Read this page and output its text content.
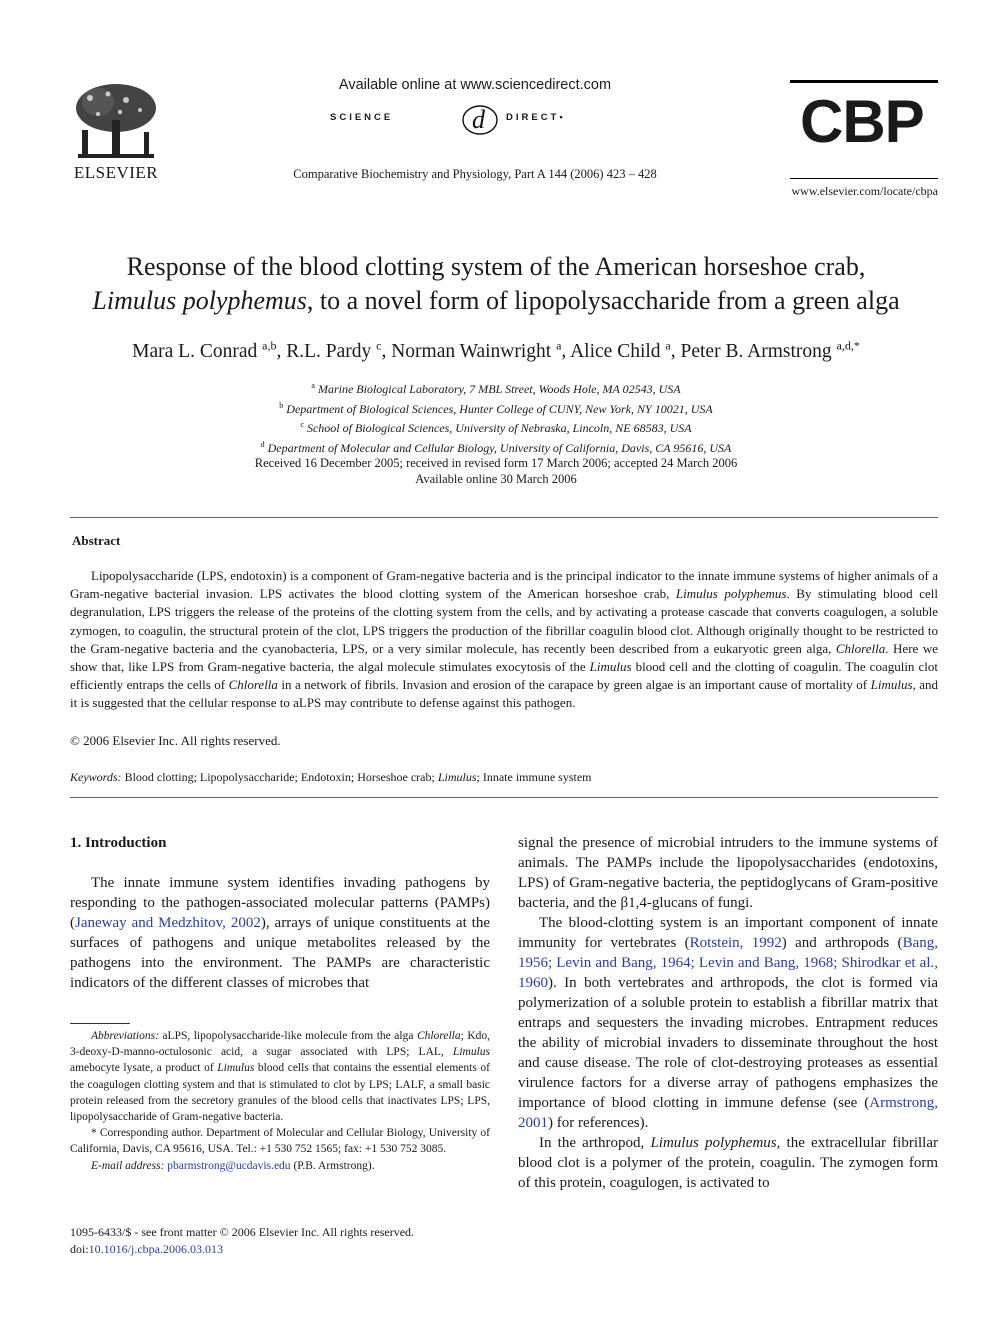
ELSEVIER
Available online at www.sciencedirect.com
SCIENCE	d DIRECT•
Comparative Biochemistry and Physiology, Part A 144 (2006) 423 – 428
CBP
www.elsevier.com/locate/cbpa
Response of the blood clotting system of the American horseshoe crab,
Limulus polyphemus, to a novel form of lipopolysaccharide from a green alga
Mara L. Conrad $^{a,b}$, R.L. Pardy $^c$, Norman Wainwright $^a$, Alice Child $^a$, Peter B. Armstrong $^{a,d,*}$
$^a$ Marine Biological Laboratory, 7 MBL Street, Woods Hole, MA 02543, USA
$^b$ Department of Biological Sciences, Hunter College of CUNY, New York, NY 10021, USA
$^c$ School of Biological Sciences, University of Nebraska, Lincoln, NE 68583, USA
$^d$ Department of Molecular and Cellular Biology, University of California, Davis, CA 95616, USA
Received 16 December 2005; received in revised form 17 March 2006; accepted 24 March 2006
Available online 30 March 2006
Abstract
Lipopolysaccharide (LPS, endotoxin) is a component of Gram-negative bacteria and is the principal indicator to the innate immune systems of higher animals of a Gram-negative bacterial invasion. LPS activates the blood clotting system of the American horseshoe crab, Limulus polyphemus. By stimulating blood cell degranulation, LPS triggers the release of the proteins of the clotting system from the cells, and by activating a protease cascade that converts coagulogen, a soluble zymogen, to coagulin, the structural protein of the clot, LPS triggers the production of the fibrillar coagulin blood clot. Although originally thought to be restricted to the Gram-negative bacteria and the cyanobacteria, LPS, or a very similar molecule, has recently been described from a eukaryotic green alga, Chlorella. Here we show that, like LPS from Gram-negative bacteria, the algal molecule stimulates exocytosis of the Limulus blood cell and the clotting of coagulin. The coagulin clot efficiently entraps the cells of Chlorella in a network of fibrils. Invasion and erosion of the carapace by green algae is an important cause of mortality of Limulus, and it is suggested that the cellular response to aLPS may contribute to defense against this pathogen.
© 2006 Elsevier Inc. All rights reserved.
Keywords: Blood clotting; Lipopolysaccharide; Endotoxin; Horseshoe crab; Limulus; Innate immune system
1. Introduction
The innate immune system identifies invading pathogens by responding to the pathogen-associated molecular patterns (PAMPs) (Janeway and Medzhitov, 2002), arrays of unique constituents at the surfaces of pathogens and unique metabolites released by the pathogens into the environment. The PAMPs are characteristic indicators of the different classes of microbes that

Abbreviations: aLPS, lipopolysaccharide-like molecule from the alga Chlorella; Kdo, 3-deoxy-D-manno-octulosonic acid, a sugar associated with LPS; LAL, Limulus amebocyte lysate, a product of Limulus blood cells that contains the essential elements of the coagulogen clotting system and that is stimulated to clot by LPS; LALF, a small basic protein released from the secretory granules of the blood cells that inactivates LPS; LPS, lipopolysaccharide of Gram-negative bacteria.

* Corresponding author. Department of Molecular and Cellular Biology, University of California, Davis, CA 95616, USA. Tel.: +1 530 752 1565; fax: +1 530 752 3085.

E-mail address: pbarmstrong@ucdavis.edu (P.B. Armstrong).

1095-6433/$ - see front matter © 2006 Elsevier Inc. All rights reserved.
doi:10.1016/j.cbpa.2006.03.013

signal the presence of microbial intruders to the immune systems of animals. The PAMPs include the lipopolysaccharides (endotoxins, LPS) of Gram-negative bacteria, the peptidoglycans of Gram-positive bacteria, and the β1,4-glucans of fungi.

The blood-clotting system is an important component of innate immunity for vertebrates (Rotstein, 1992) and arthropods (Bang, 1956; Levin and Bang, 1964; Levin and Bang, 1968; Shirodkar et al., 1960). In both vertebrates and arthropods, the clot is formed via polymerization of a soluble protein to establish a fibrillar matrix that entraps and sequesters the invading microbes. Entrapment reduces the ability of microbial invaders to disseminate throughout the host and cause disease. The role of clot-destroying proteases as essential virulence factors for a diverse array of pathogens emphasizes the importance of blood clotting in immune defense (see (Armstrong, 2001) for references).

In the arthropod, Limulus polyphemus, the extracellular fibrillar blood clot is a polymer of the protein, coagulin. The zymogen form of this protein, coagulogen, is activated to
